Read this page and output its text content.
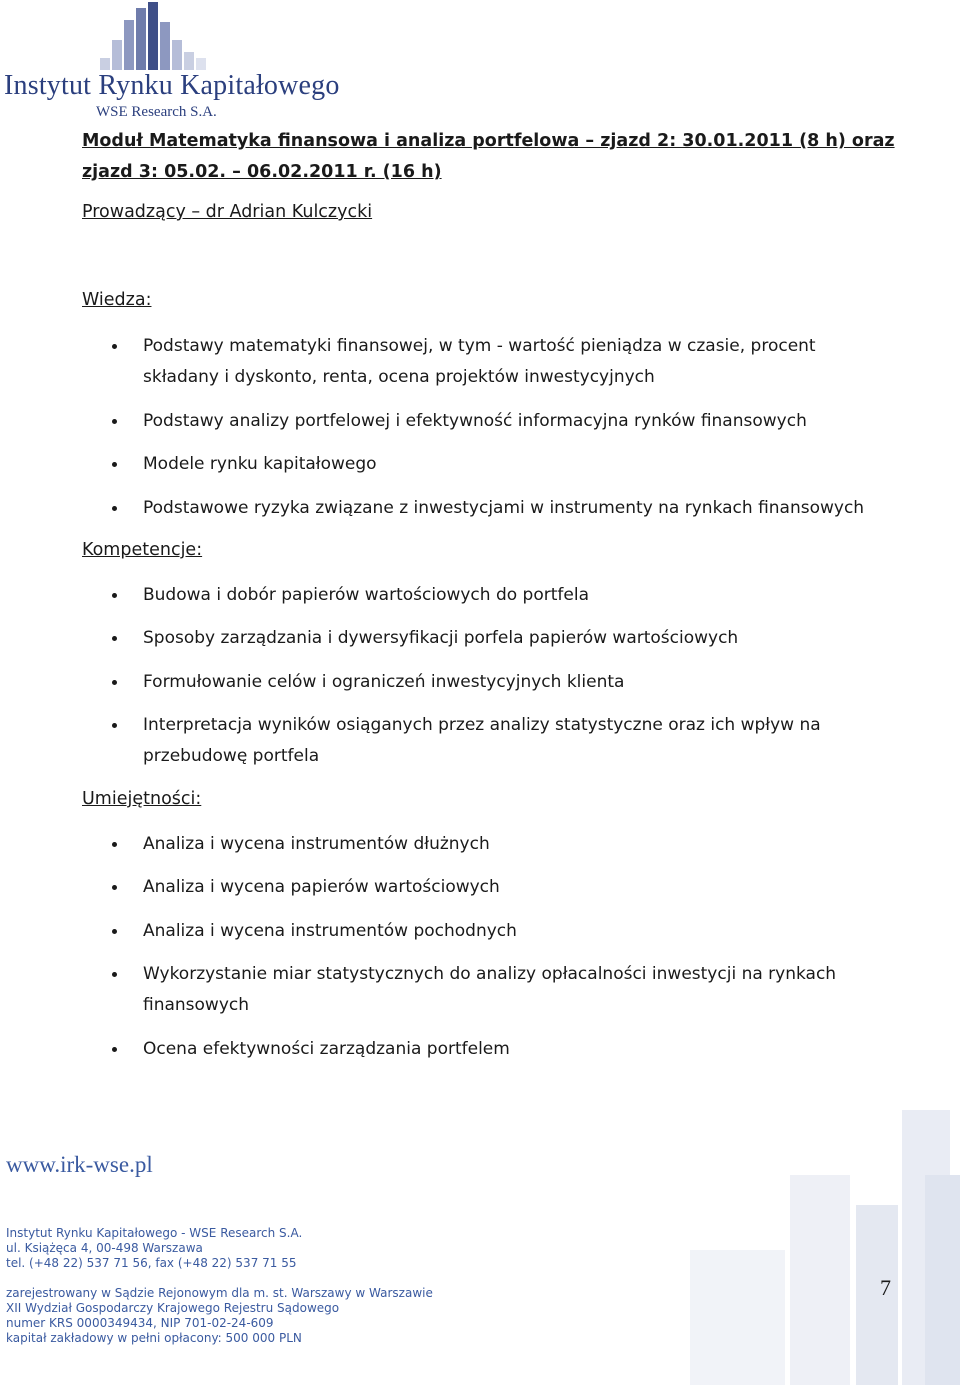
Instytut Rynku Kapitałowego
WSE Research S.A.
Moduł Matematyka finansowa i analiza portfelowa – zjazd 2: 30.01.2011 (8 h) oraz
zjazd 3: 05.02. – 06.02.2011 r. (16 h)
Prowadzący – dr Adrian Kulczycki
Wiedza:
Podstawy matematyki finansowej, w tym - wartość pieniądza w czasie, procent składany i dyskonto, renta, ocena projektów inwestycyjnych
Podstawy analizy portfelowej i efektywność informacyjna rynków finansowych
Modele rynku kapitałowego
Podstawowe ryzyka związane z inwestycjami w instrumenty na rynkach finansowych
Kompetencje:
Budowa i dobór papierów wartościowych do portfela
Sposoby zarządzania i dywersyfikacji porfela papierów wartościowych
Formułowanie celów i ograniczeń inwestycyjnych klienta
Interpretacja wyników osiąganych przez analizy statystyczne oraz ich wpływ na przebudowę portfela
Umiejętności:
Analiza i wycena instrumentów dłużnych
Analiza i wycena papierów wartościowych
Analiza i wycena instrumentów pochodnych
Wykorzystanie miar statystycznych do analizy opłacalności inwestycji na rynkach finansowych
Ocena efektywności zarządzania portfelem
www.irk-wse.pl
Instytut Rynku Kapitałowego - WSE Research S.A.
ul. Książęca 4, 00-498 Warszawa
tel. (+48 22) 537 71 56, fax (+48 22) 537 71 55
zarejestrowany w Sądzie Rejonowym dla m. st. Warszawy w Warszawie
XII Wydział Gospodarczy Krajowego Rejestru Sądowego
numer KRS 0000349434, NIP 701-02-24-609
kapitał zakładowy w pełni opłacony: 500 000 PLN
7
